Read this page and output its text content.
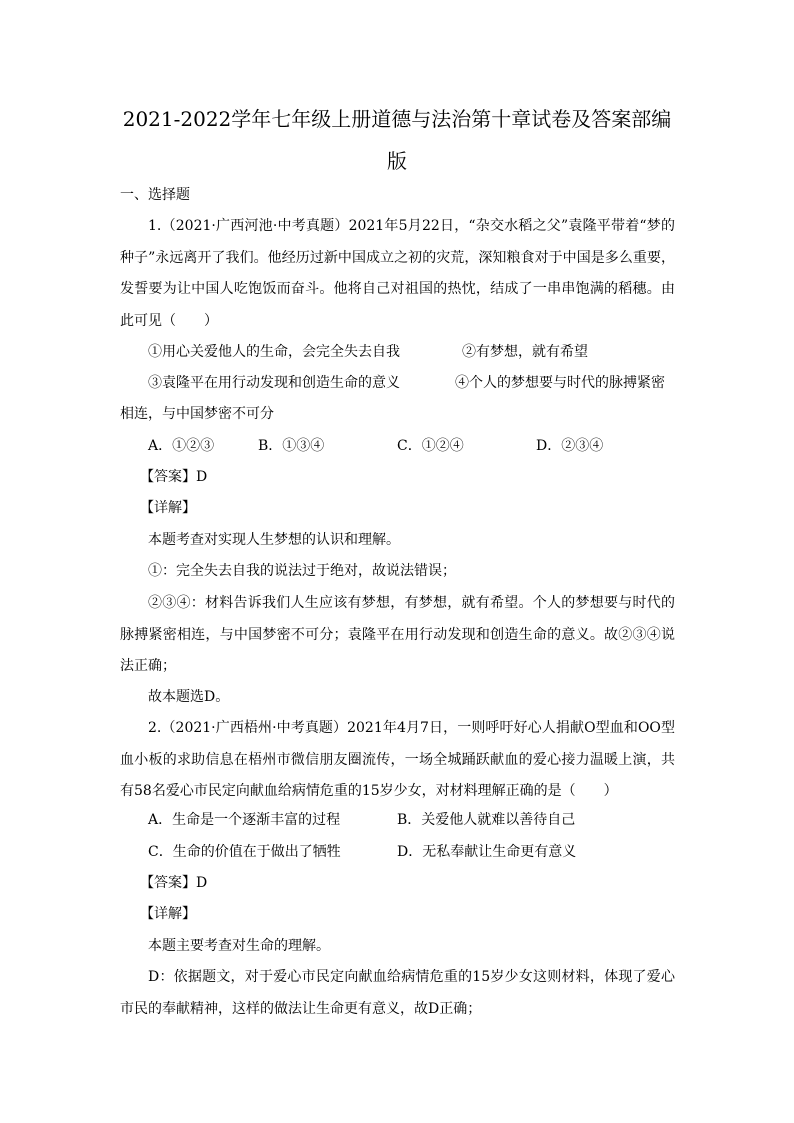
2021-2022学年七年级上册道德与法治第十章试卷及答案部编版
一、选择题

1.（2021·广西河池·中考真题）2021年5月22日，“杂交水稻之父”袁隆平带着“梦的种子”永远离开了我们。他经历过新中国成立之初的灾荒，深知粮食对于中国是多么重要，发誓要为让中国人吃饱饭而奋斗。他将自己对祖国的热忱，结成了一串串饱满的稻穗。由此可见（　　）

①用心关爱他人的生命，会完全失去自我	②有梦想，就有希望
③袁隆平在用行动发现和创造生命的意义	④个人的梦想要与时代的脉搏紧密
相连，与中国梦密不可分
A．①②③	B．①③④	C．①②④	D．②③④
【答案】D
【详解】
本题考查对实现人生梦想的认识和理解。
①：完全失去自我的说法过于绝对，故说法错误；

②③④：材料告诉我们人生应该有梦想，有梦想，就有希望。个人的梦想要与时代的脉搏紧密相连，与中国梦密不可分；袁隆平在用行动发现和创造生命的意义。故②③④说法正确；

故本题选D。

2.（2021·广西梧州·中考真题）2021年4月7日，一则呼吁好心人捐献O型血和OO型血小板的求助信息在梧州市微信朋友圈流传，一场全城踊跃献血的爱心接力温暖上演，共有58名爱心市民定向献血给病情危重的15岁少女，对材料理解正确的是（　　）

A．生命是一个逐渐丰富的过程	B．关爱他人就难以善待自己
C．生命的价值在于做出了牺牲	D．无私奉献让生命更有意义
【答案】D
【详解】
本题主要考查对生命的理解。

D：依据题文，对于爱心市民定向献血给病情危重的15岁少女这则材料，体现了爱心市民的奉献精神，这样的做法让生命更有意义，故D正确；
